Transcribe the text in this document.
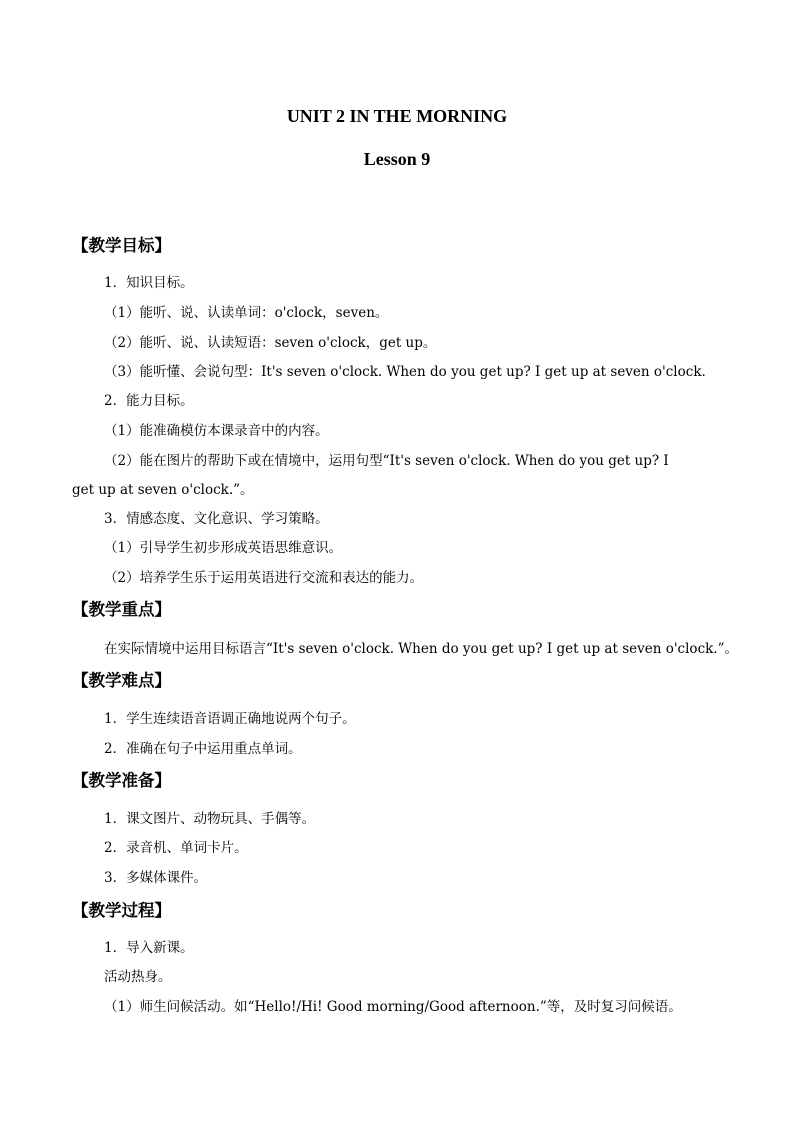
UNIT 2 IN THE MORNING
Lesson 9
【教学目标】
1．知识目标。
（1）能听、说、认读单词：o'clock，seven。
（2）能听、说、认读短语：seven o'clock，get up。
（3）能听懂、会说句型：It's seven o'clock. When do you get up? I get up at seven o'clock.
2．能力目标。
（1）能准确模仿本课录音中的内容。
（2）能在图片的帮助下或在情境中，运用句型“It's seven o'clock. When do you get up? I
get up at seven o'clock.”。
3．情感态度、文化意识、学习策略。
（1）引导学生初步形成英语思维意识。
（2）培养学生乐于运用英语进行交流和表达的能力。
【教学重点】
在实际情境中运用目标语言“It's seven o'clock. When do you get up? I get up at seven o'clock.”。
【教学难点】
1．学生连续语音语调正确地说两个句子。
2．准确在句子中运用重点单词。
【教学准备】
1．课文图片、动物玩具、手偶等。
2．录音机、单词卡片。
3．多媒体课件。
【教学过程】
1．导入新课。
活动热身。
（1）师生问候活动。如“Hello!/Hi! Good morning/Good afternoon.”等，及时复习问候语。
